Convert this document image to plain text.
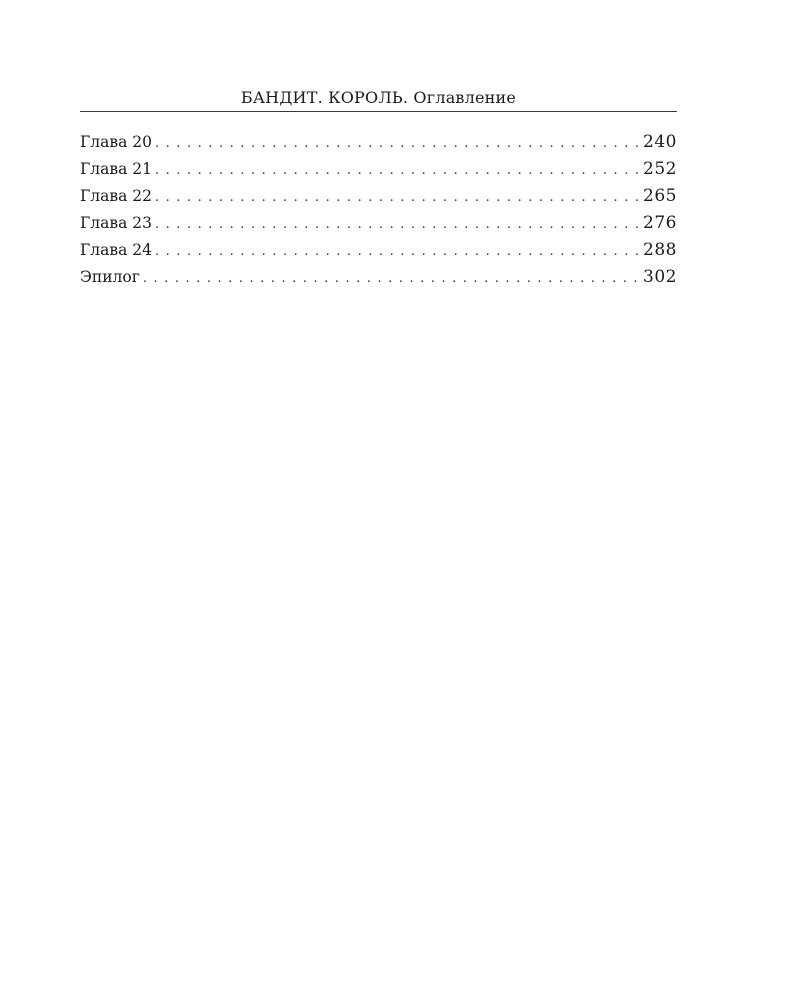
БАНДИТ. КОРОЛЬ. Оглавление
Глава 20 . . .	240
Глава 21 . . .	252
Глава 22 . . .	265
Глава 23 . . .	276
Глава 24 . . .	288
Эпилог . . .	302
